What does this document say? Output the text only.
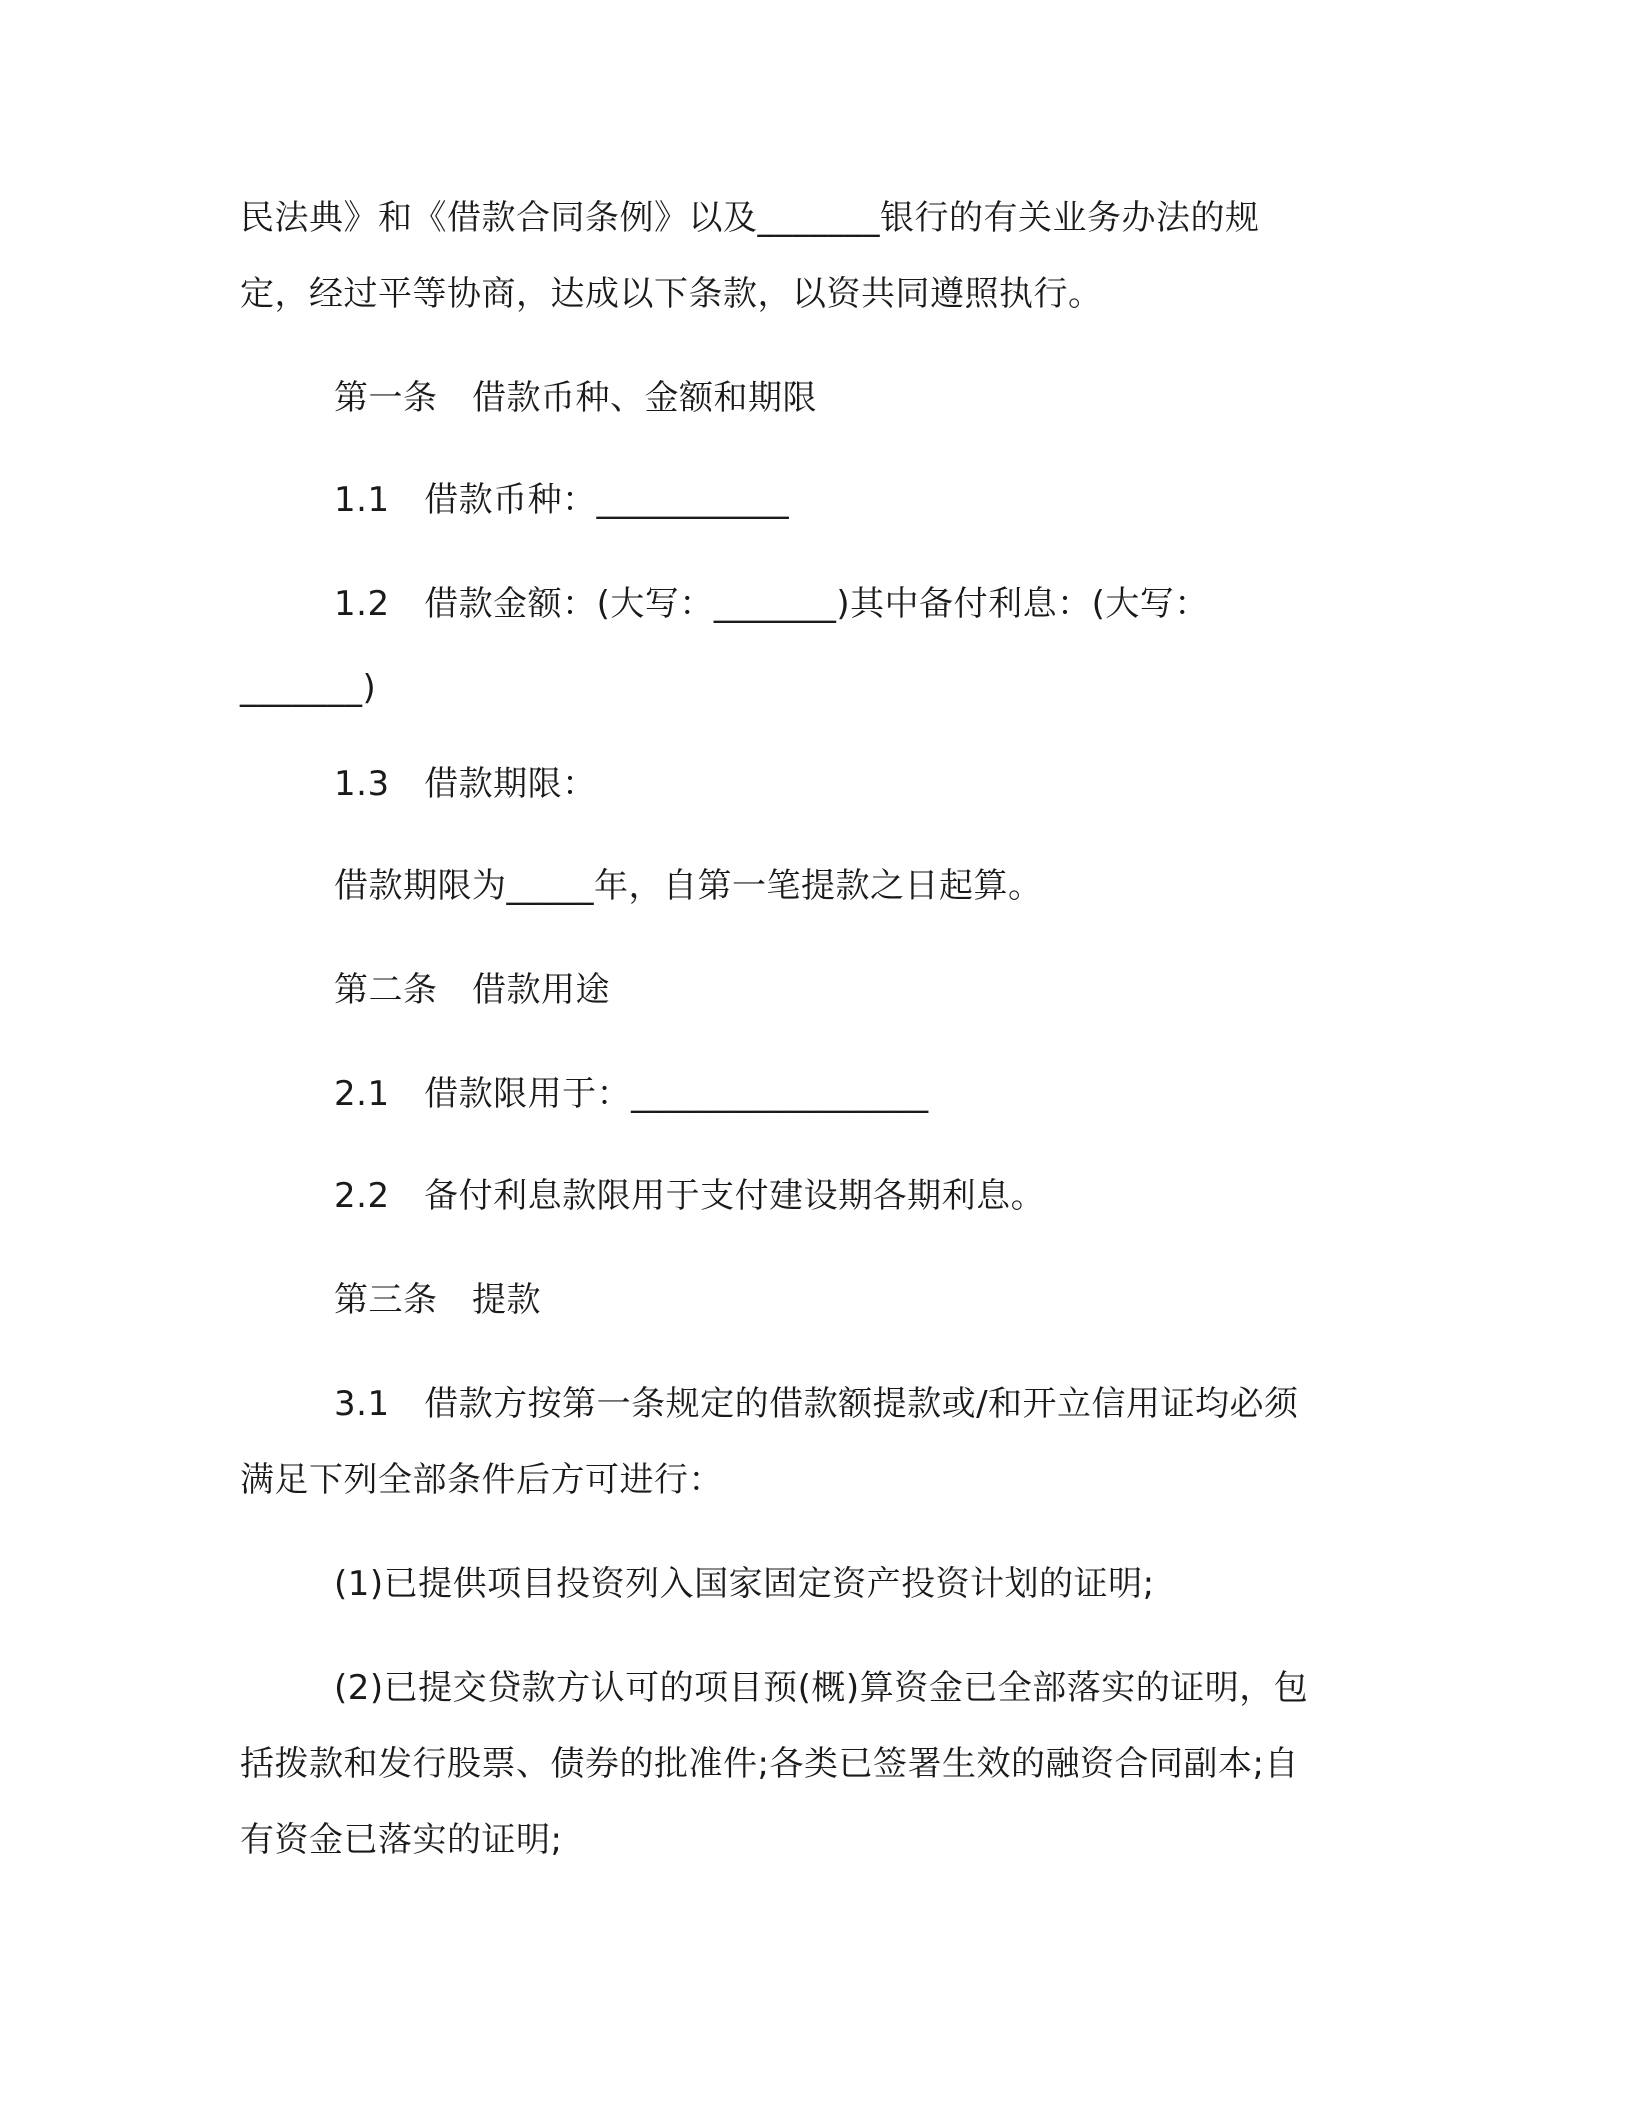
民法典》和《借款合同条例》以及_______银行的有关业务办法的规
定，经过平等协商，达成以下条款，以资共同遵照执行。
第一条　借款币种、金额和期限
1.1　借款币种：___________
1.2　借款金额：(大写：_______)其中备付利息：(大写：
_______)
1.3　借款期限：
借款期限为_____年，自第一笔提款之日起算。
第二条　借款用途
2.1　借款限用于：_________________
2.2　备付利息款限用于支付建设期各期利息。
第三条　提款
3.1　借款方按第一条规定的借款额提款或/和开立信用证均必须
满足下列全部条件后方可进行：
(1)已提供项目投资列入国家固定资产投资计划的证明;
(2)已提交贷款方认可的项目预(概)算资金已全部落实的证明，包
括拨款和发行股票、债券的批准件;各类已签署生效的融资合同副本;自
有资金已落实的证明;
